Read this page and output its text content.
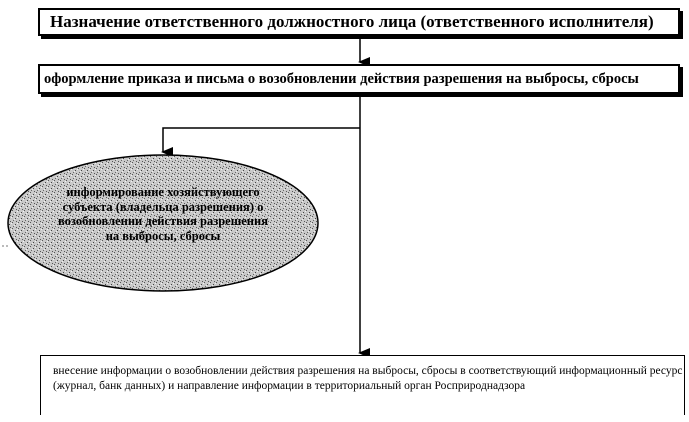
Назначение ответственного должностного лица (ответственного исполнителя)
оформление приказа и письма о возобновлении действия разрешения на выбросы, сбросы
информирование хозяйствующего субъекта (владельца разрешения) о возобновлении действия разрешения на выбросы, сбросы
внесение информации о возобновлении действия разрешения на выбросы, сбросы в соответствующий информационный ресурс (журнал, банк данных) и направление информации в территориальный орган Росприроднадзора
